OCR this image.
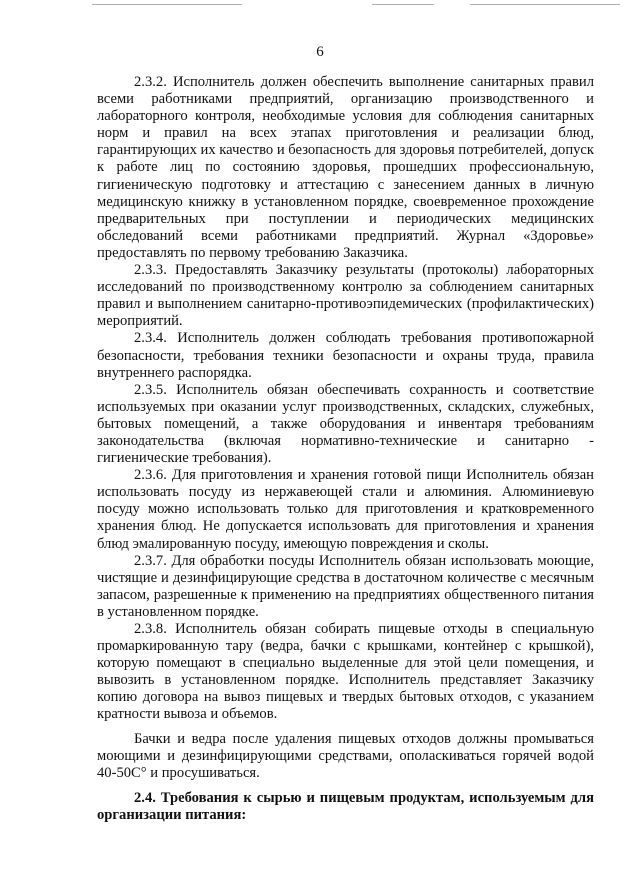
6

2.3.2. Исполнитель должен обеспечить выполнение санитарных правил всеми работниками предприятий, организацию производственного и лабораторного контроля, необходимые условия для соблюдения санитарных норм и правил на всех этапах приготовления и реализации блюд, гарантирующих их качество и безопасность для здоровья потребителей, допуск к работе лиц по состоянию здоровья, прошедших профессиональную, гигиеническую подготовку и аттестацию с занесением данных в личную медицинскую книжку в установленном порядке, своевременное прохождение предварительных при поступлении и периодических медицинских обследований всеми работниками предприятий. Журнал «Здоровье» предоставлять по первому требованию Заказчика.

2.3.3. Предоставлять Заказчику результаты (протоколы) лабораторных исследований по производственному контролю за соблюдением санитарных правил и выполнением санитарно-противоэпидемических (профилактических) мероприятий.

2.3.4. Исполнитель должен соблюдать требования противопожарной безопасности, требования техники безопасности и охраны труда, правила внутреннего распорядка.

2.3.5. Исполнитель обязан обеспечивать сохранность и соответствие используемых при оказании услуг производственных, складских, служебных, бытовых помещений, а также оборудования и инвентаря требованиям законодательства (включая нормативно-технические и санитарно - гигиенические требования).

2.3.6. Для приготовления и хранения готовой пищи Исполнитель обязан использовать посуду из нержавеющей стали и алюминия. Алюминиевую посуду можно использовать только для приготовления и кратковременного хранения блюд. Не допускается использовать для приготовления и хранения блюд эмалированную посуду, имеющую повреждения и сколы.

2.3.7. Для обработки посуды Исполнитель обязан использовать моющие, чистящие и дезинфицирующие средства в достаточном количестве с месячным запасом, разрешенные к применению на предприятиях общественного питания в установленном порядке.

2.3.8. Исполнитель обязан собирать пищевые отходы в специальную промаркированную тару (ведра, бачки с крышками, контейнер с крышкой), которую помещают в специально выделенные для этой цели помещения, и вывозить в установленном порядке. Исполнитель представляет Заказчику копию договора на вывоз пищевых и твердых бытовых отходов, с указанием кратности вывоза и объемов.

Бачки и ведра после удаления пищевых отходов должны промываться моющими и дезинфицирующими средствами, ополаскиваться горячей водой 40-50С° и просушиваться.

2.4. Требования к сырью и пищевым продуктам, используемым для организации питания:
